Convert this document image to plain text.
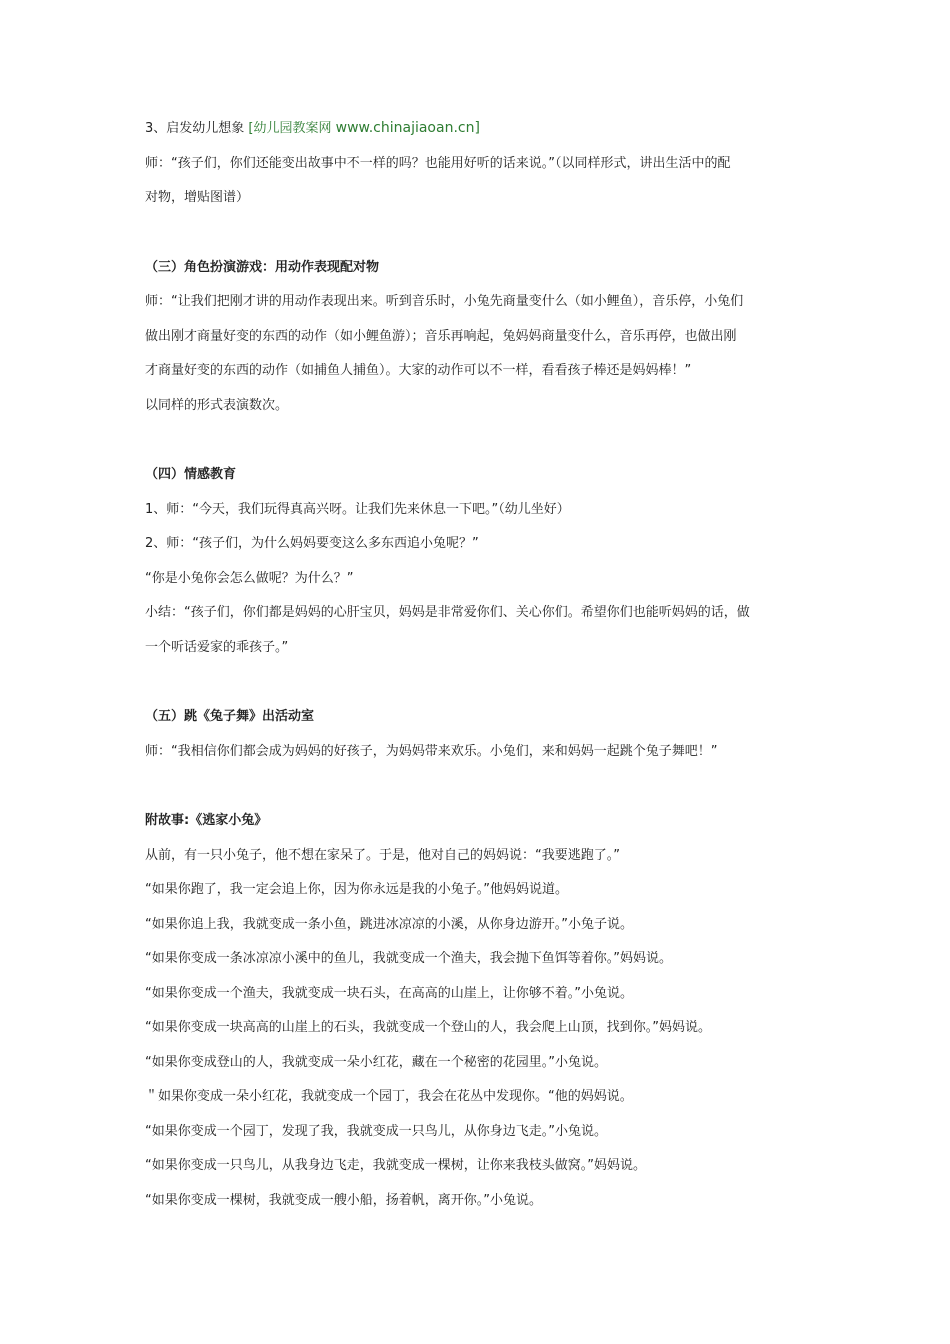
3、启发幼儿想象 [幼儿园教案网 www.chinajiaoan.cn]
师：“孩子们，你们还能变出故事中不一样的吗？也能用好听的话来说。”（以同样形式，讲出生活中的配
对物，增贴图谱）
（三）角色扮演游戏：用动作表现配对物
师：“让我们把刚才讲的用动作表现出来。听到音乐时，小兔先商量变什么（如小鲤鱼），音乐停，小兔们
做出刚才商量好变的东西的动作（如小鲤鱼游）；音乐再响起，兔妈妈商量变什么，音乐再停，也做出刚
才商量好变的东西的动作（如捕鱼人捕鱼）。大家的动作可以不一样，看看孩子棒还是妈妈棒！”
以同样的形式表演数次。
（四）情感教育
1、师：“今天，我们玩得真高兴呀。让我们先来休息一下吧。”（幼儿坐好）
2、师：“孩子们，为什么妈妈要变这么多东西追小兔呢？”
“你是小兔你会怎么做呢？为什么？”
小结：“孩子们，你们都是妈妈的心肝宝贝，妈妈是非常爱你们、关心你们。希望你们也能听妈妈的话，做
一个听话爱家的乖孩子。”
（五）跳《兔子舞》出活动室
师：“我相信你们都会成为妈妈的好孩子，为妈妈带来欢乐。小兔们，来和妈妈一起跳个兔子舞吧！”
附故事:《逃家小兔》
从前，有一只小兔子，他不想在家呆了。于是，他对自己的妈妈说：“我要逃跑了。”
“如果你跑了，我一定会追上你，因为你永远是我的小兔子。”他妈妈说道。
“如果你追上我，我就变成一条小鱼，跳进冰凉凉的小溪，从你身边游开。”小兔子说。
“如果你变成一条冰凉凉小溪中的鱼儿，我就变成一个渔夫，我会抛下鱼饵等着你。”妈妈说。
“如果你变成一个渔夫，我就变成一块石头，在高高的山崖上，让你够不着。”小兔说。
“如果你变成一块高高的山崖上的石头，我就变成一个登山的人，我会爬上山顶，找到你。”妈妈说。
“如果你变成登山的人，我就变成一朵小红花，藏在一个秘密的花园里。”小兔说。
＂如果你变成一朵小红花，我就变成一个园丁，我会在花丛中发现你。“他的妈妈说。
“如果你变成一个园丁，发现了我，我就变成一只鸟儿，从你身边飞走。”小兔说。
“如果你变成一只鸟儿，从我身边飞走，我就变成一棵树，让你来我枝头做窝。”妈妈说。
“如果你变成一棵树，我就变成一艘小船，扬着帆，离开你。”小兔说。
